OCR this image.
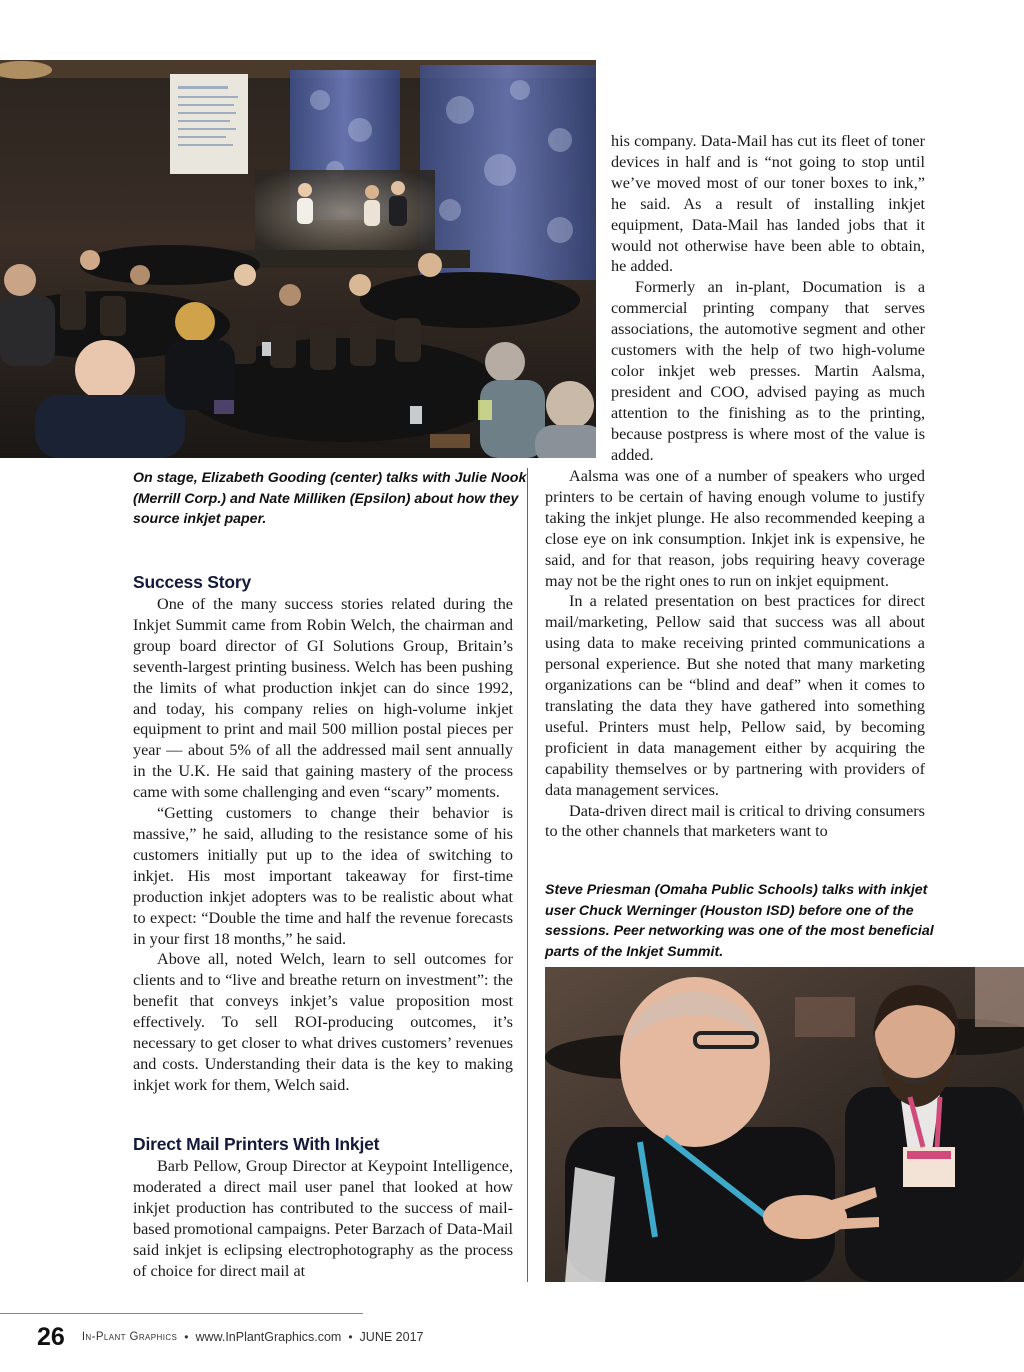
On stage, Elizabeth Gooding (center) talks with Julie Nook (Merrill Corp.) and Nate Milliken (Epsilon) about how they source inkjet paper.

his company. Data-Mail has cut its fleet of toner devices in half and is “not going to stop until we’ve moved most of our toner boxes to ink,” he said. As a result of installing inkjet equipment, Data-Mail has landed jobs that it would not otherwise have been able to obtain, he added.

Formerly an in-plant, Documation is a commercial printing company that serves associations, the automotive segment and other customers with the help of two high-volume color inkjet web presses. Martin Aalsma, president and COO, advised paying as much attention to the finishing as to the printing, because postpress is where most of the value is added.

Success Story

One of the many success stories related during the Inkjet Summit came from Robin Welch, the chairman and group board director of GI Solutions Group, Britain’s seventh-largest printing business. Welch has been pushing the limits of what production inkjet can do since 1992, and today, his company relies on high-volume inkjet equipment to print and mail 500 million postal pieces per year — about 5% of all the addressed mail sent annually in the U.K. He said that gaining mastery of the process came with some challenging and even “scary” moments.

“Getting customers to change their behavior is massive,” he said, alluding to the resistance some of his customers initially put up to the idea of switching to inkjet. His most important takeaway for first-time production inkjet adopters was to be realistic about what to expect: “Double the time and half the revenue forecasts in your first 18 months,” he said.

Above all, noted Welch, learn to sell outcomes for clients and to “live and breathe return on investment”: the benefit that conveys inkjet’s value proposition most effectively. To sell ROI-producing outcomes, it’s necessary to get closer to what drives customers’ revenues and costs. Understanding their data is the key to making inkjet work for them, Welch said.

Direct Mail Printers With Inkjet

Barb Pellow, Group Director at Keypoint Intelligence, moderated a direct mail user panel that looked at how inkjet production has contributed to the success of mail-based promotional campaigns. Peter Barzach of Data-Mail said inkjet is eclipsing electrophotography as the process of choice for direct mail at

Aalsma was one of a number of speakers who urged printers to be certain of having enough volume to justify taking the inkjet plunge. He also recommended keeping a close eye on ink consumption. Inkjet ink is expensive, he said, and for that reason, jobs requiring heavy coverage may not be the right ones to run on inkjet equipment.

In a related presentation on best practices for direct mail/marketing, Pellow said that success was all about using data to make receiving printed communications a personal experience. But she noted that many marketing organizations can be “blind and deaf” when it comes to translating the data they have gathered into something useful. Printers must help, Pellow said, by becoming proficient in data management either by acquiring the capability themselves or by partnering with providers of data management services.

Data-driven direct mail is critical to driving consumers to the other channels that marketers want to

Steve Priesman (Omaha Public Schools) talks with inkjet user Chuck Werninger (Houston ISD) before one of the sessions. Peer networking was one of the most beneficial parts of the Inkjet Summit.

26 In-Plant Graphics • www.InPlantGraphics.com • JUNE 2017
